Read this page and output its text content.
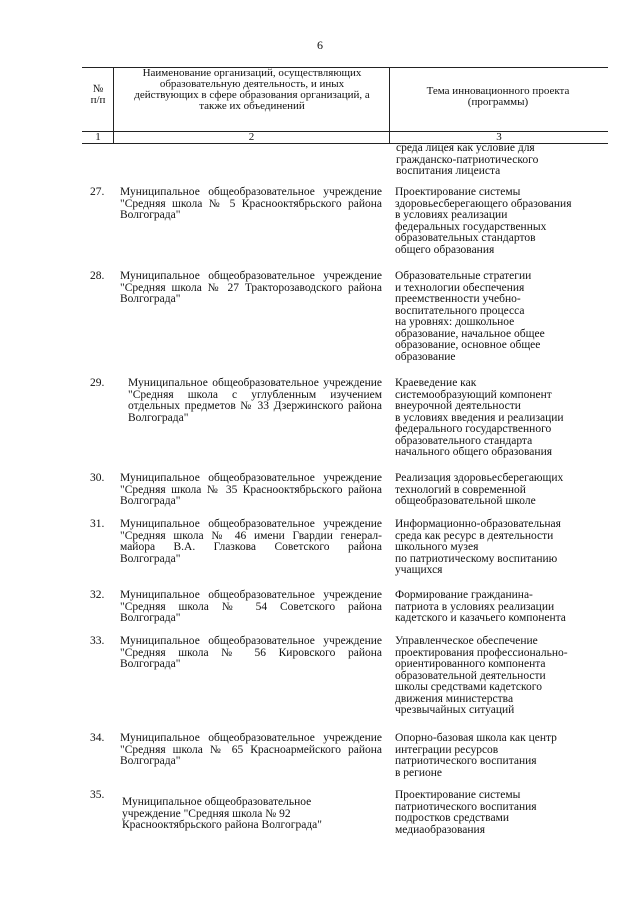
6
№
п/п
Наименование организаций, осуществляющих образовательную деятельность, и иных действующих в сфере образования организаций, а также их объединений
Тема инновационного проекта (программы)
1	2	3
среда лицея как условие для
гражданско-патриотического
воспитания лицеиста
27. Муниципальное общеобразовательное учреждение "Средняя школа № 5 Краснооктябрьского района Волгограда"
Проектирование системы
здоровьесберегающего образования
в условиях реализации
федеральных государственных
образовательных стандартов
общего образования
28. Муниципальное общеобразовательное учреждение "Средняя школа № 27 Тракторозаводского района Волгограда"
Образовательные стратегии
и технологии обеспечения
преемственности учебно-
воспитательного процесса
на уровнях: дошкольное
образование, начальное общее
образование, основное общее
образование
29. Муниципальное общеобразовательное учреждение "Средняя школа с углубленным изучением отдельных предметов № 33 Дзержинского района Волгограда"
Краеведение как
системообразующий компонент
внеурочной деятельности
в условиях введения и реализации
федерального государственного
образовательного стандарта
начального общего образования
30. Муниципальное общеобразовательное учреждение "Средняя школа № 35 Краснооктябрьского района Волгограда"
Реализация здоровьесберегающих
технологий в современной
общеобразовательной школе
31. Муниципальное общеобразовательное учреждение "Средняя школа № 46 имени Гвардии генерал-майора В.А. Глазкова Советского района Волгограда"
Информационно-образовательная
среда как ресурс в деятельности
школьного музея
по патриотическому воспитанию
учащихся
32. Муниципальное общеобразовательное учреждение "Средняя школа № 54 Советского района Волгограда"
Формирование гражданина-
патриота в условиях реализации
кадетского и казачьего компонента
33. Муниципальное общеобразовательное учреждение "Средняя школа № 56 Кировского района Волгограда"
Управленческое обеспечение
проектирования профессионально-
ориентированного компонента
образовательной деятельности
школы средствами кадетского
движения министерства
чрезвычайных ситуаций
34. Муниципальное общеобразовательное учреждение "Средняя школа № 65 Красноармейского района Волгограда"
Опорно-базовая школа как центр
интеграции ресурсов
патриотического воспитания
в регионе
35.
Муниципальное общеобразовательное
учреждение "Средняя школа № 92
Краснооктябрьского района Волгограда"
Проектирование системы
патриотического воспитания
подростков средствами
медиаобразования
